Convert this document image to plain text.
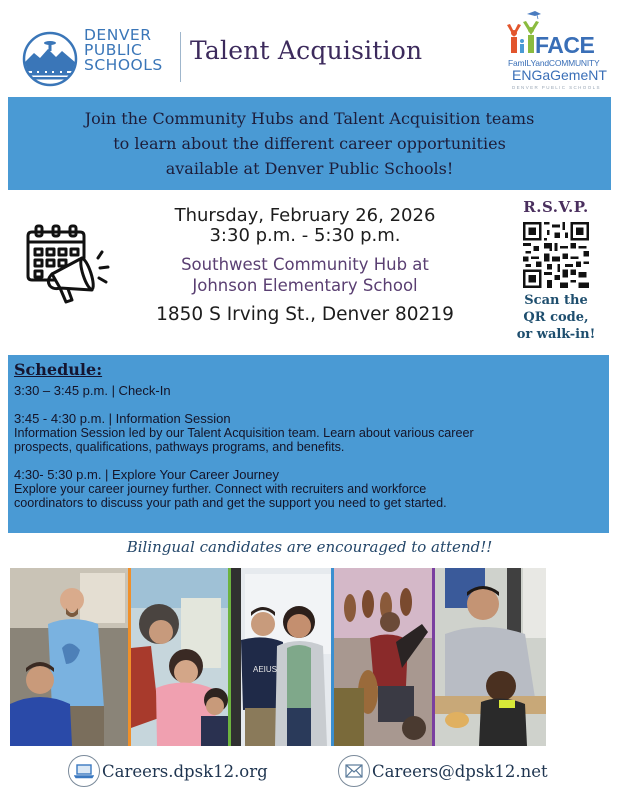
DENVER
PUBLIC
SCHOOLS Talent Acquisition	FACE
FamILYandCOMMUNITY
ENGaGemeNT
DENVER PUBLIC SCHOOLS
Join the Community Hubs and Talent Acquisition teams
to learn about the different career opportunities
available at Denver Public Schools!
Thursday, February 26, 2026
3:30 p.m. - 5:30 p.m.
Southwest Community Hub at
Johnson Elementary School
1850 S Irving St., Denver 80219
R.S.V.P.
Scan the
QR code,
or walk-in!
Schedule:
3:30 – 3:45 p.m. | Check-In
3:45 - 4:30 p.m. | Information Session
Information Session led by our Talent Acquisition team. Learn about various career
prospects, qualifications, pathways programs, and benefits.
4:30- 5:30 p.m. | Explore Your Career Journey
Explore your career journey further. Connect with recruiters and workforce
coordinators to discuss your path and get the support you need to get started.
Bilingual candidates are encouraged to attend!!
AEIUS
Careers.dpsk12.org	Careers@dpsk12.net
